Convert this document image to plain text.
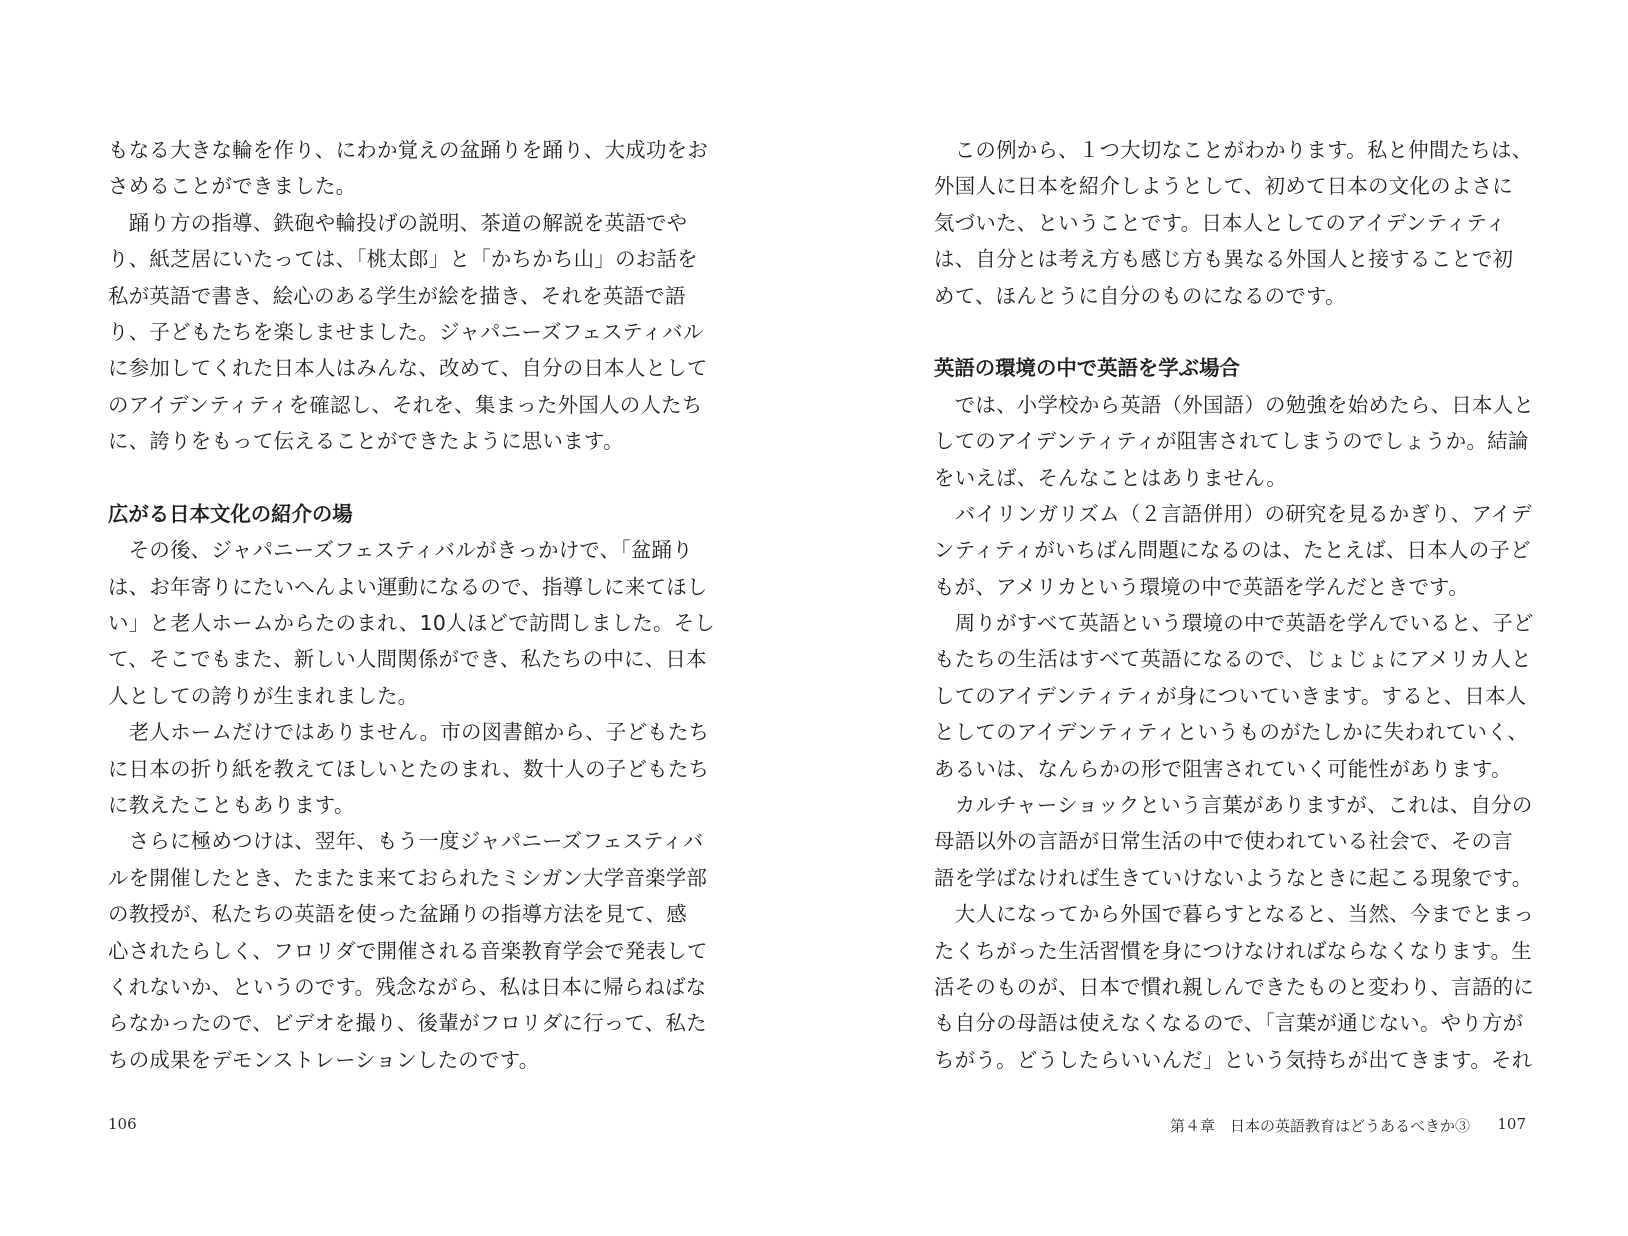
もなる大きな輪を作り、にわか覚えの盆踊りを踊り、大成功をお
さめることができました。
　踊り方の指導、鉄砲や輪投げの説明、茶道の解説を英語でや
り、紙芝居にいたっては、「桃太郎」と「かちかち山」のお話を
私が英語で書き、絵心のある学生が絵を描き、それを英語で語
り、子どもたちを楽しませました。ジャパニーズフェスティバル
に参加してくれた日本人はみんな、改めて、自分の日本人として
のアイデンティティを確認し、それを、集まった外国人の人たち
に、誇りをもって伝えることができたように思います。
広がる日本文化の紹介の場
　その後、ジャパニーズフェスティバルがきっかけで、「盆踊り
は、お年寄りにたいへんよい運動になるので、指導しに来てほし
い」と老人ホームからたのまれ、10人ほどで訪問しました。そし
て、そこでもまた、新しい人間関係ができ、私たちの中に、日本
人としての誇りが生まれました。
　老人ホームだけではありません。市の図書館から、子どもたち
に日本の折り紙を教えてほしいとたのまれ、数十人の子どもたち
に教えたこともあります。
　さらに極めつけは、翌年、もう一度ジャパニーズフェスティバ
ルを開催したとき、たまたま来ておられたミシガン大学音楽学部
の教授が、私たちの英語を使った盆踊りの指導方法を見て、感
心されたらしく、フロリダで開催される音楽教育学会で発表して
くれないか、というのです。残念ながら、私は日本に帰らねばな
らなかったので、ビデオを撮り、後輩がフロリダに行って、私た
ちの成果をデモンストレーションしたのです。
106
　この例から、１つ大切なことがわかります。私と仲間たちは、
外国人に日本を紹介しようとして、初めて日本の文化のよさに
気づいた、ということです。日本人としてのアイデンティティ
は、自分とは考え方も感じ方も異なる外国人と接することで初
めて、ほんとうに自分のものになるのです。
英語の環境の中で英語を学ぶ場合
　では、小学校から英語（外国語）の勉強を始めたら、日本人と
してのアイデンティティが阻害されてしまうのでしょうか。結論
をいえば、そんなことはありません。
　バイリンガリズム（２言語併用）の研究を見るかぎり、アイデ
ンティティがいちばん問題になるのは、たとえば、日本人の子ど
もが、アメリカという環境の中で英語を学んだときです。
　周りがすべて英語という環境の中で英語を学んでいると、子ど
もたちの生活はすべて英語になるので、じょじょにアメリカ人と
してのアイデンティティが身についていきます。すると、日本人
としてのアイデンティティというものがたしかに失われていく、
あるいは、なんらかの形で阻害されていく可能性があります。
　カルチャーショックという言葉がありますが、これは、自分の
母語以外の言語が日常生活の中で使われている社会で、その言
語を学ばなければ生きていけないようなときに起こる現象です。
　大人になってから外国で暮らすとなると、当然、今までとまっ
たくちがった生活習慣を身につけなければならなくなります。生
活そのものが、日本で慣れ親しんできたものと変わり、言語的に
も自分の母語は使えなくなるので、「言葉が通じない。やり方が
ちがう。どうしたらいいんだ」という気持ちが出てきます。それ
第４章　日本の英語教育はどうあるべきか③ 107
